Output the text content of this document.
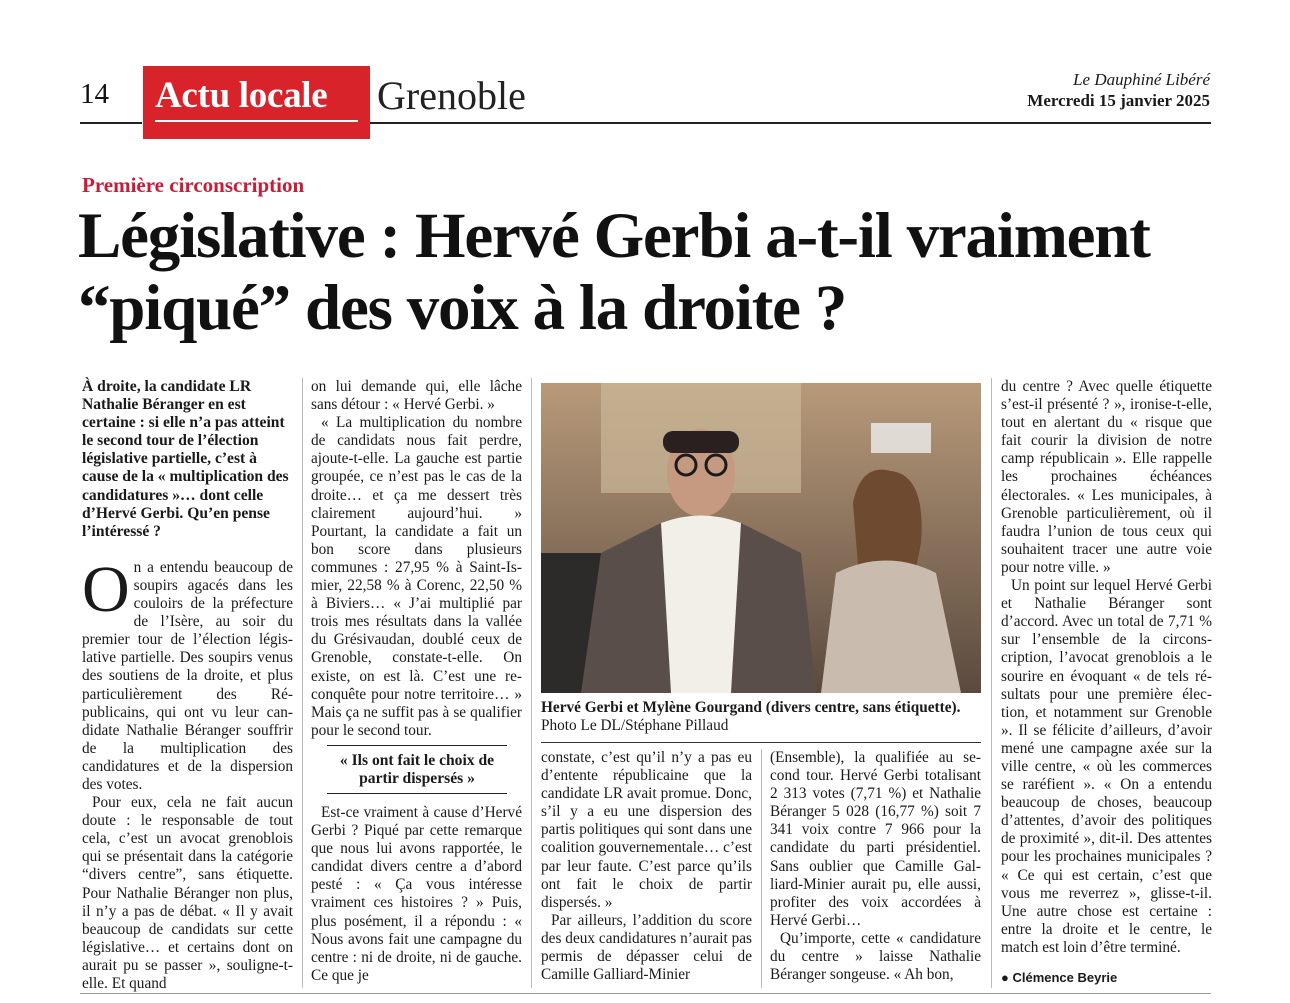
14 Actu locale Grenoble	Le Dauphiné Libéré
Mercredi 15 janvier 2025
Première circonscription
Législative : Hervé Gerbi a-t-il vraiment “piqué” des voix à la droite ?

À droite, la candidate LR Nathalie Béranger en est certaine : si elle n’a pas atteint le second tour de l’élection législative partielle, c’est à cause de la « multiplication des candidatures »… dont celle d’Hervé Gerbi. Qu’en pense l’intéressé ?

On a entendu beaucoup de soupirs agacés dans les couloirs de la préfecture de l’Isère, au soir du premier tour de l’élection législative partielle. Des soupirs venus des soutiens de la droite, et plus particulièrement des Républicains, qui ont vu leur candidate Nathalie Béranger souffrir de la multiplication des candidatures et de la dispersion des votes.

Pour eux, cela ne fait aucun doute : le responsable de tout cela, c’est un avocat grenoblois qui se présentait dans la catégorie “divers centre”, sans étiquette. Pour Nathalie Béranger non plus, il n’y a pas de débat. « Il y avait beaucoup de candidats sur cette législative… et certains dont on aurait pu se passer », souligne-t-elle. Et quand

on lui demande qui, elle lâche sans détour : « Hervé Gerbi. »

« La multiplication du nombre de candidats nous fait perdre, ajoute-t-elle. La gauche est partie groupée, ce n’est pas le cas de la droite… et ça me dessert très clairement aujourd’hui. » Pourtant, la candidate a fait un bon score dans plusieurs communes : 27,95 % à Saint-Ismier, 22,58 % à Corenc, 22,50 % à Biviers… « J’ai multiplié par trois mes résultats dans la vallée du Grésivaudan, doublé ceux de Grenoble, constate-t-elle. On existe, on est là. C’est une reconquête pour notre territoire… » Mais ça ne suffit pas à se qualifier pour le second tour.

« Ils ont fait le choix de partir dispersés »

Est-ce vraiment à cause d’Hervé Gerbi ? Piqué par cette remarque que nous lui avons rapportée, le candidat divers centre a d’abord pesté : « Ça vous intéresse vraiment ces histoires ? » Puis, plus posément, il a répondu : « Nous avons fait une campagne du centre : ni de droite, ni de gauche. Ce que je

Hervé Gerbi et Mylène Gourgand (divers centre, sans étiquette). Photo Le DL/Stéphane Pillaud

constate, c’est qu’il n’y a pas eu d’entente républicaine que la candidate LR avait promue. Donc, s’il y a eu une dispersion des partis politiques qui sont dans une coalition gouvernementale… c’est par leur faute. C’est parce qu’ils ont fait le choix de partir dispersés. »

Par ailleurs, l’addition du score des deux candidatures n’aurait pas permis de dépasser celui de Camille Galliard-Minier

(Ensemble), la qualifiée au second tour. Hervé Gerbi totalisant 2 313 votes (7,71 %) et Nathalie Béranger 5 028 (16,77 %) soit 7 341 voix contre 7 966 pour la candidate du parti présidentiel. Sans oublier que Camille Galliard-Minier aurait pu, elle aussi, profiter des voix accordées à Hervé Gerbi…

Qu’importe, cette « candidature du centre » laisse Nathalie Béranger songeuse. « Ah bon,

du centre ? Avec quelle étiquette s’est-il présenté ? », ironise-t-elle, tout en alertant du « risque que fait courir la division de notre camp républicain ». Elle rappelle les prochaines échéances électorales. « Les municipales, à Grenoble particulièrement, où il faudra l’union de tous ceux qui souhaitent tracer une autre voie pour notre ville. »

Un point sur lequel Hervé Gerbi et Nathalie Béranger sont d’accord. Avec un total de 7,71 % sur l’ensemble de la circonscription, l’avocat grenoblois a le sourire en évoquant « de tels résultats pour une première élection, et notamment sur Grenoble ». Il se félicite d’ailleurs, d’avoir mené une campagne axée sur la ville centre, « où les commerces se raréfient ». « On a entendu beaucoup de choses, beaucoup d’attentes, d’avoir des politiques de proximité », dit-il. Des attentes pour les prochaines municipales ? « Ce qui est certain, c’est que vous me reverrez », glisse-t-il. Une autre chose est certaine : entre la droite et le centre, le match est loin d’être terminé.

● Clémence Beyrie
